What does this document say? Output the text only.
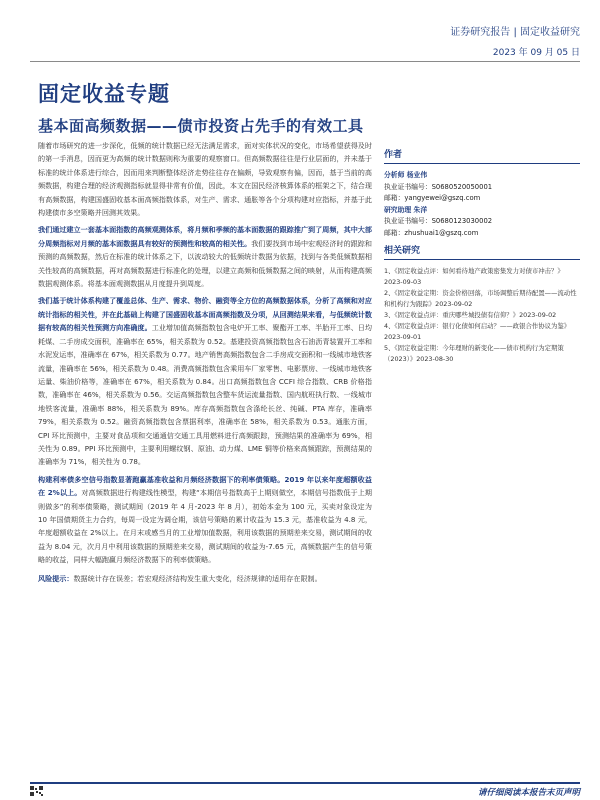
证券研究报告 | 固定收益研究
2023 年 09 月 05 日
固定收益专题
基本面高频数据——债市投资占先手的有效工具

随着市场研究的进一步深化，低频的统计数据已经无法满足需求，面对实体状况的变化，市场希望获得及时的第一手消息，因而更为高频的统计数据则称为重要的观察窗口。但高频数据往往是行业层面的，并未基于标准的统计体系进行综合，因而用来判断整体经济走势往往存在偏颇，导致观察有偏，因而，基于当前的高频数据，构建合理的经济观测指标就显得非常有价值，因此，本文在国民经济核算体系的框架之下，结合现有高频数据，构建国盛固收基本面高频指数体系，对生产、需求、通胀等各个分项构建对应指标，并基于此构建债市多空策略并回测其效果。

我们通过建立一套基本面指数的高频观测体系，将月频和季频的基本面数据的跟踪推广到了周频，其中大部分周频指标对月频的基本面数据具有较好的预测性和较高的相关性。我们要找到市场中宏观经济时的跟踪和预测的高频数据，然后在标准的统计体系之下，以波动较大的低频统计数据为依据，找到与各类低频数据相关性较高的高频数据，再对高频数据进行标准化的处理，以建立高频和低频数据之间的映射，从而构建高频数据观测体系。将基本面观测数据从月度提升到周度。

我们基于统计体系构建了覆盖总体、生产、需求、物价、融资等全方位的高频数据体系，分析了高频和对应统计指标的相关性，并在此基础上构建了国盛固收基本面高频指数及分项，从回测结果来看，与低频统计数据有较高的相关性预测方向准确度。工业增加值高频指数包含电炉开工率、聚酯开工率、半胎开工率、日均耗煤、二手房成交面积，准确率在 65%，相关系数为 0.52。基建投资高频指数包含石油沥青装置开工率和水泥发运率，准确率在 67%，相关系数为 0.77。地产销售高频指数包含二手房成交面积和一线城市地铁客流量，准确率在 56%，相关系数为 0.48。消费高频指数包含乘用车厂家零售、电影票房、一线城市地铁客运量、柴油价格等，准确率在 67%，相关系数为 0.84。出口高频指数包含 CCFI 综合指数、CRB 价格指数，准确率在 46%，相关系数为 0.56。交运高频指数包含整车货运流量指数、国内航班执行数、一线城市地铁客流量，准确率 88%，相关系数为 89%。库存高频指数包含涤纶长丝、纯碱、PTA 库存，准确率 79%，相关系数为 0.52。融资高频指数包含票据利率，准确率在 58%，相关系数为 0.53。通胀方面，CPI 环比预测中，主要对食品项和交通通信交通工具用燃料进行高频跟踪，预测结果的准确率为 69%，相关性为 0.89。PPI 环比预测中，主要利用螺纹钢、原油、动力煤、LME 铜等价格来高频跟踪，预测结果的准确率为 71%，相关性为 0.78。

构建利率债多空信号指数显著跑赢基准收益和月频经济数据下的利率债策略。2019 年以来年度超额收益在 2%以上。对高频数据进行构建线性模型，构建“本期信号指数高于上期则做空，本期信号指数低于上期则做多”的利率债策略，测试期间（2019 年 4 月-2023 年 8 月），初始本金为 100 元，买卖对象设定为 10 年国债期货主力合约，每周一设定为调仓期，该信号策略的累计收益为 15.3 元，基准收益为 4.8 元，年度超额收益在 2%以上。在月末或感当月的工业增加值数据，利用该数据的预期差来交易，测试期间的收益为 8.04 元，次月月中利用该数据的预期差来交易，测试期间的收益为-7.65 元，高频数据产生的信号策略的收益，同样大幅跑赢月频经济数据下的利率债策略。

风险提示：数据统计存在误差；若宏观经济结构发生重大变化，经济规律的适用存在限制。

作者
分析师 杨业伟
执业证书编号：S0680520050001
邮箱：yangyewei@gszq.com
研究助理 朱洋
执业证书编号：S0680123030002
邮箱：zhushuai1@gszq.com
相关研究
1、《固定收益点评：如何看待地产政策密集发力对债市冲击？》2023-09-03
2、《固定收益定期：资金价格回落，市场调整后期待配置——流动性和机构行为跟踪》2023-09-02
3、《固定收益点评：重庆哪些城投债有信仰？》2023-09-02
4、《固定收益点评：银行化债如何启动？——政银合作协议为鉴》2023-09-01
5、《固定收益定期：今年理财的新变化——债市机构行为定期策（2023）》2023-08-30
请仔细阅读本报告末页声明
